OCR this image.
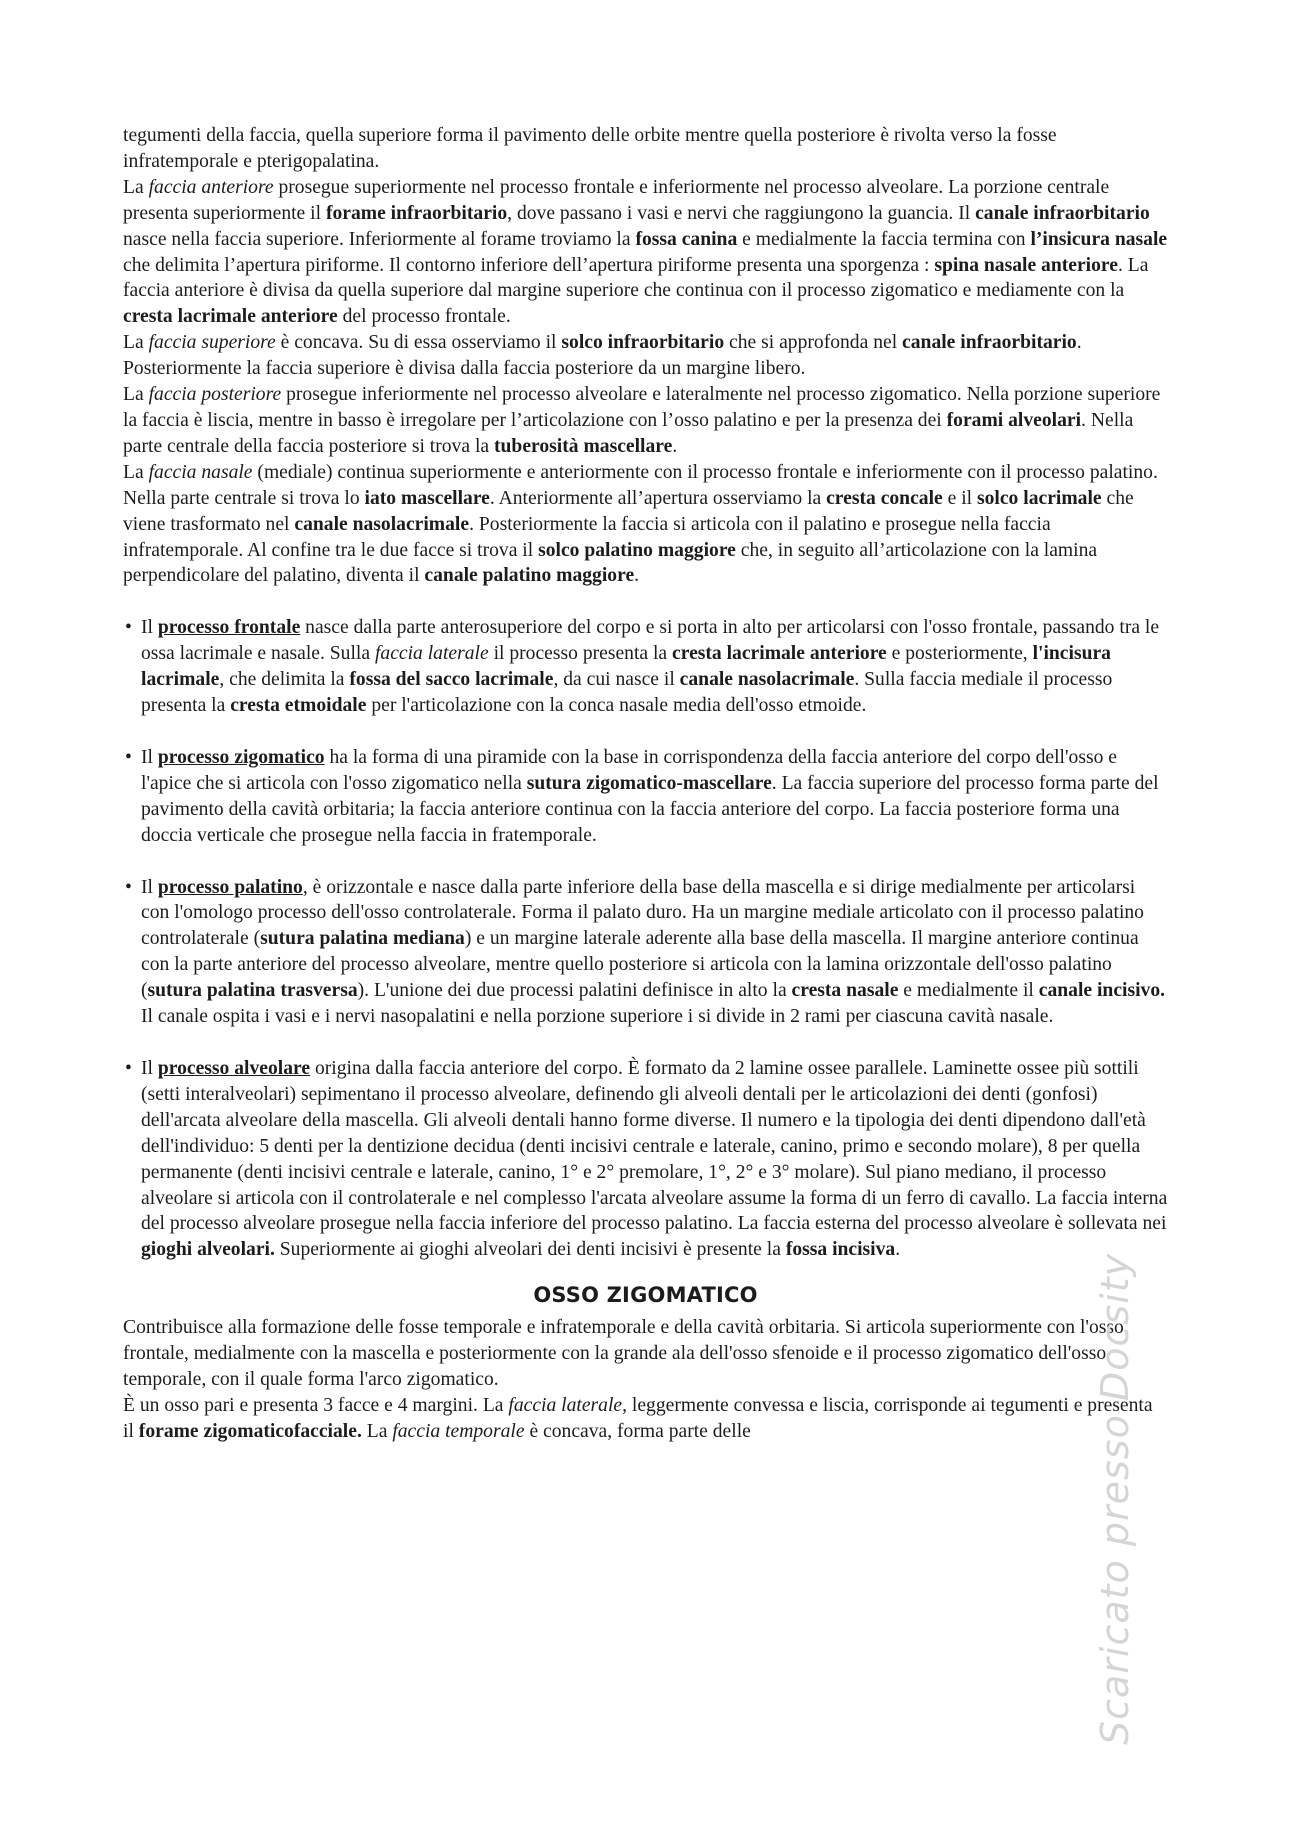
tegumenti della faccia, quella superiore forma il pavimento delle orbite mentre quella posteriore è rivolta verso la fosse infratemporale e pterigopalatina.

La faccia anteriore prosegue superiormente nel processo frontale e inferiormente nel processo alveolare. La porzione centrale presenta superiormente il forame infraorbitario, dove passano i vasi e nervi che raggiungono la guancia. Il canale infraorbitario nasce nella faccia superiore. Inferiormente al forame troviamo la fossa canina e medialmente la faccia termina con l’insicura nasale che delimita l’apertura piriforme. Il contorno inferiore dell’apertura piriforme presenta una sporgenza : spina nasale anteriore. La faccia anteriore è divisa da quella superiore dal margine superiore che continua con il processo zigomatico e mediamente con la cresta lacrimale anteriore del processo frontale.

La faccia superiore è concava. Su di essa osserviamo il solco infraorbitario che si approfonda nel canale infraorbitario. Posteriormente la faccia superiore è divisa dalla faccia posteriore da un margine libero.

La faccia posteriore prosegue inferiormente nel processo alveolare e lateralmente nel processo zigomatico. Nella porzione superiore la faccia è liscia, mentre in basso è irregolare per l’articolazione con l’osso palatino e per la presenza dei forami alveolari. Nella parte centrale della faccia posteriore si trova la tuberosità mascellare.

La faccia nasale (mediale) continua superiormente e anteriormente con il processo frontale e inferiormente con il processo palatino. Nella parte centrale si trova lo iato mascellare. Anteriormente all’apertura osserviamo la cresta concale e il solco lacrimale che viene trasformato nel canale nasolacrimale. Posteriormente la faccia si articola con il palatino e prosegue nella faccia infratemporale. Al confine tra le due facce si trova il solco palatino maggiore che, in seguito all’articolazione con la lamina perpendicolare del palatino, diventa il canale palatino maggiore.

• Il processo frontale nasce dalla parte anterosuperiore del corpo e si porta in alto per articolarsi con l'osso frontale, passando tra le ossa lacrimale e nasale. Sulla faccia laterale il processo presenta la cresta lacrimale anteriore e posteriormente, l'incisura lacrimale, che delimita la fossa del sacco lacrimale, da cui nasce il canale nasolacrimale. Sulla faccia mediale il processo presenta la cresta etmoidale per l'articolazione con la conca nasale media dell'osso etmoide.

• Il processo zigomatico ha la forma di una piramide con la base in corrispondenza della faccia anteriore del corpo dell'osso e l'apice che si articola con l'osso zigomatico nella sutura zigomatico-mascellare. La faccia superiore del processo forma parte del pavimento della cavità orbitaria; la faccia anteriore continua con la faccia anteriore del corpo. La faccia posteriore forma una doccia verticale che prosegue nella faccia in fratemporale.

• Il processo palatino, è orizzontale e nasce dalla parte inferiore della base della mascella e si dirige medialmente per articolarsi con l'omologo processo dell'osso controlaterale. Forma il palato duro. Ha un margine mediale articolato con il processo palatino controlaterale (sutura palatina mediana) e un margine laterale aderente alla base della mascella. Il margine anteriore continua con la parte anteriore del processo alveolare, mentre quello posteriore si articola con la lamina orizzontale dell'osso palatino (sutura palatina trasversa). L'unione dei due processi palatini definisce in alto la cresta nasale e medialmente il canale incisivo. Il canale ospita i vasi e i nervi nasopalatini e nella porzione superiore i si divide in 2 rami per ciascuna cavità nasale.

• Il processo alveolare origina dalla faccia anteriore del corpo. È formato da 2 lamine ossee parallele. Laminette ossee più sottili (setti interalveolari) sepimentano il processo alveolare, definendo gli alveoli dentali per le articolazioni dei denti (gonfosi) dell'arcata alveolare della mascella. Gli alveoli dentali hanno forme diverse. Il numero e la tipologia dei denti dipendono dall'età dell'individuo: 5 denti per la dentizione decidua (denti incisivi centrale e laterale, canino, primo e secondo molare), 8 per quella permanente (denti incisivi centrale e laterale, canino, 1° e 2° premolare, 1°, 2° e 3° molare). Sul piano mediano, il processo alveolare si articola con il controlaterale e nel complesso l'arcata alveolare assume la forma di un ferro di cavallo. La faccia interna del processo alveolare prosegue nella faccia inferiore del processo palatino. La faccia esterna del processo alveolare è sollevata nei gioghi alveolari. Superiormente ai gioghi alveolari dei denti incisivi è presente la fossa incisiva.

OSSO ZIGOMATICO

Contribuisce alla formazione delle fosse temporale e infratemporale e della cavità orbitaria. Si articola superiormente con l'osso frontale, medialmente con la mascella e posteriormente con la grande ala dell'osso sfenoide e il processo zigomatico dell'osso temporale, con il quale forma l'arco zigomatico.

È un osso pari e presenta 3 facce e 4 margini. La faccia laterale, leggermente convessa e liscia, corrisponde ai tegumenti e presenta il forame zigomaticofacciale. La faccia temporale è concava, forma parte delle	Scaricato presso Docsity
